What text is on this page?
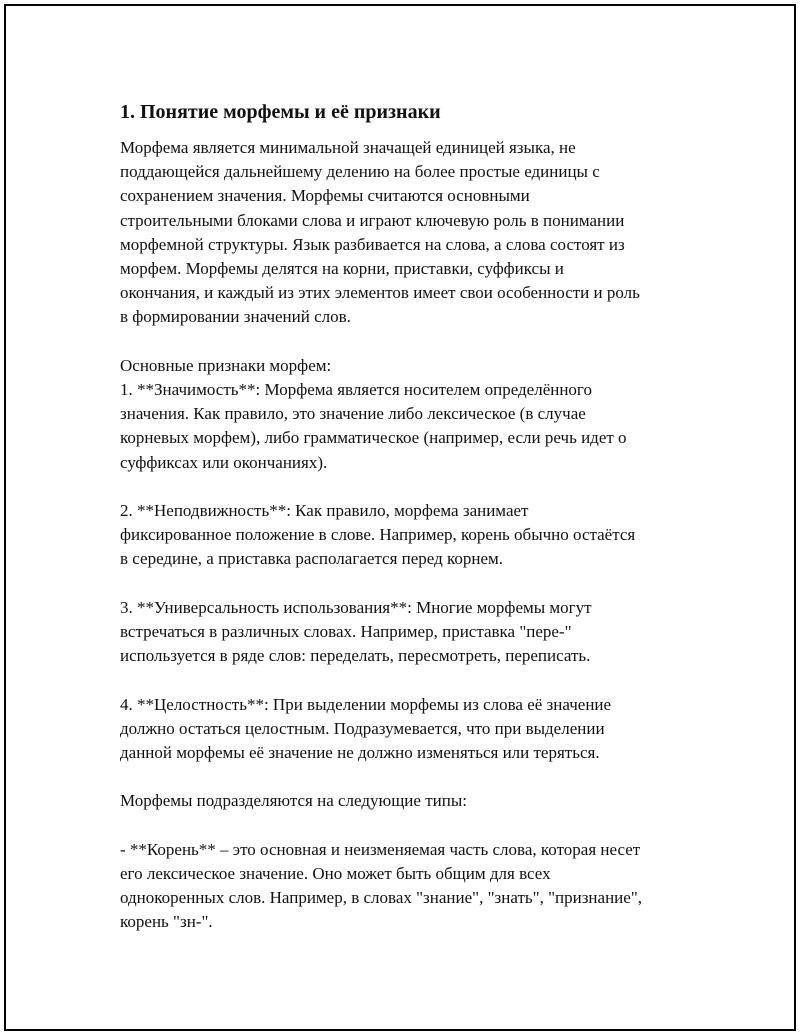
1. Понятие морфемы и её признаки

Морфема является минимальной значащей единицей языка, не

поддающейся дальнейшему делению на более простые единицы с

сохранением значения. Морфемы считаются основными

строительными блоками слова и играют ключевую роль в понимании

морфемной структуры. Язык разбивается на слова, а слова состоят из

морфем. Морфемы делятся на корни, приставки, суффиксы и

окончания, и каждый из этих элементов имеет свои особенности и роль

в формировании значений слов.

Основные признаки морфем:

1. **Значимость**: Морфема является носителем определённого

значения. Как правило, это значение либо лексическое (в случае

корневых морфем), либо грамматическое (например, если речь идет о

суффиксах или окончаниях).

2. **Неподвижность**: Как правило, морфема занимает

фиксированное положение в слове. Например, корень обычно остаётся

в середине, а приставка располагается перед корнем.

3. **Универсальность использования**: Многие морфемы могут

встречаться в различных словах. Например, приставка "пере-"

используется в ряде слов: переделать, пересмотреть, переписать.

4. **Целостность**: При выделении морфемы из слова её значение

должно остаться целостным. Подразумевается, что при выделении

данной морфемы её значение не должно изменяться или теряться.

Морфемы подразделяются на следующие типы:

- **Корень** – это основная и неизменяемая часть слова, которая несет

его лексическое значение. Оно может быть общим для всех

однокоренных слов. Например, в словах "знание", "знать", "признание",

корень "зн-".
